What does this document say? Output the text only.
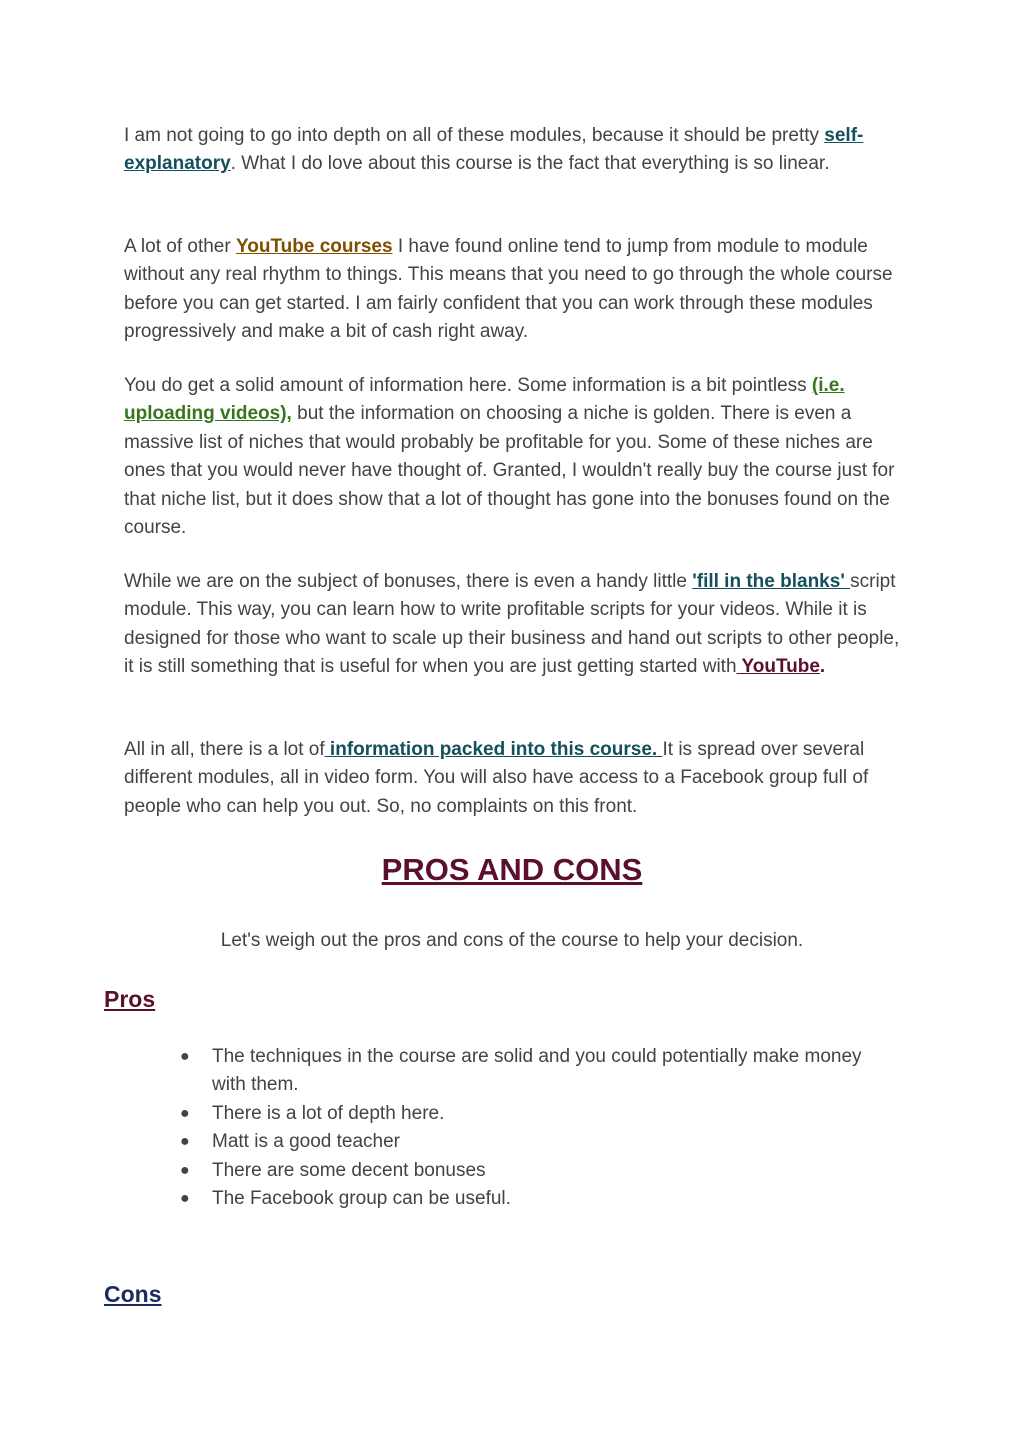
I am not going to go into depth on all of these modules, because it should be pretty self-explanatory. What I do love about this course is the fact that everything is so linear.

A lot of other YouTube courses I have found online tend to jump from module to module without any real rhythm to things. This means that you need to go through the whole course before you can get started. I am fairly confident that you can work through these modules progressively and make a bit of cash right away.

You do get a solid amount of information here. Some information is a bit pointless (i.e. uploading videos), but the information on choosing a niche is golden. There is even a massive list of niches that would probably be profitable for you. Some of these niches are ones that you would never have thought of. Granted, I wouldn't really buy the course just for that niche list, but it does show that a lot of thought has gone into the bonuses found on the course.

While we are on the subject of bonuses, there is even a handy little 'fill in the blanks' script module. This way, you can learn how to write profitable scripts for your videos. While it is designed for those who want to scale up their business and hand out scripts to other people, it is still something that is useful for when you are just getting started with YouTube.

All in all, there is a lot of information packed into this course. It is spread over several different modules, all in video form. You will also have access to a Facebook group full of people who can help you out. So, no complaints on this front.

PROS AND CONS

Let's weigh out the pros and cons of the course to help your decision.

Pros
● The techniques in the course are solid and you could potentially make money with them.
● There is a lot of depth here.
● Matt is a good teacher
● There are some decent bonuses
● The Facebook group can be useful.
Cons
